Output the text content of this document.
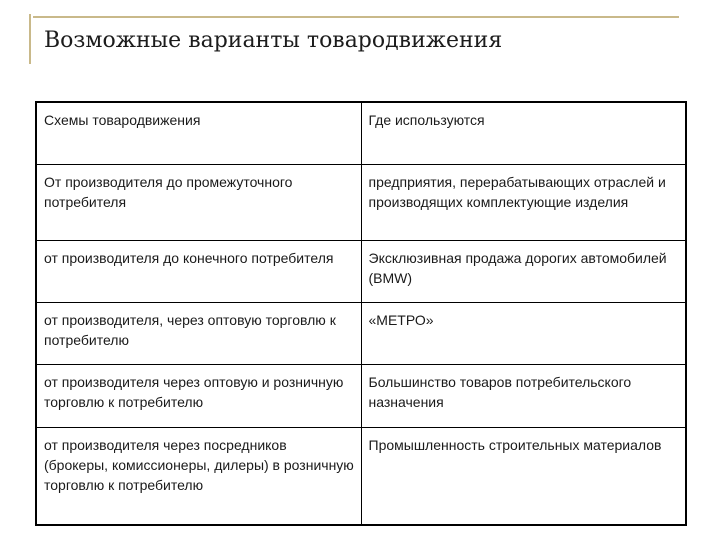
Возможные варианты товародвижения
Схемы товародвижения	Где используются
От производителя до промежуточного потребителя	предприятия, перерабатывающих отраслей и производящих комплектующие изделия
от производителя до конечного потребителя	Эксклюзивная продажа дорогих автомобилей (BMW)
от производителя, через оптовую торговлю к потребителю	«МЕТРО»
от производителя через оптовую и розничную торговлю к потребителю	Большинство товаров потребительского назначения
от производителя через посредников (брокеры, комиссионеры, дилеры) в розничную торговлю к потребителю	Промышленность строительных материалов
